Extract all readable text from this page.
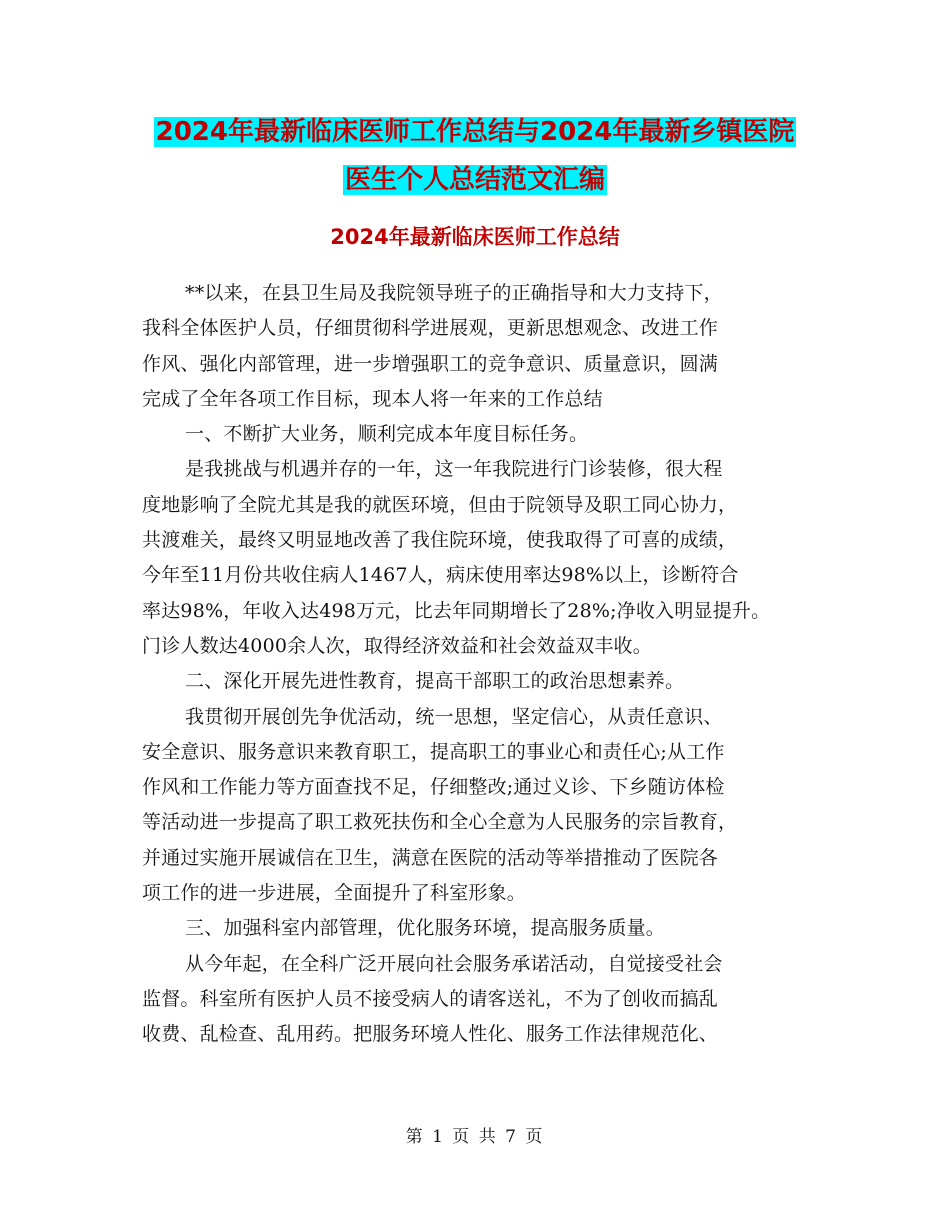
2024年最新临床医师工作总结与2024年最新乡镇医院
医生个人总结范文汇编
2024年最新临床医师工作总结
**以来，在县卫生局及我院领导班子的正确指导和大力支持下，
我科全体医护人员，仔细贯彻科学进展观，更新思想观念、改进工作
作风、强化内部管理，进一步增强职工的竞争意识、质量意识，圆满
完成了全年各项工作目标，现本人将一年来的工作总结
一、不断扩大业务，顺利完成本年度目标任务。
是我挑战与机遇并存的一年，这一年我院进行门诊装修，很大程
度地影响了全院尤其是我的就医环境，但由于院领导及职工同心协力，
共渡难关，最终又明显地改善了我住院环境，使我取得了可喜的成绩，
今年至11月份共收住病人1467人，病床使用率达98%以上，诊断符合
率达98%，年收入达498万元，比去年同期增长了28%;净收入明显提升。
门诊人数达4000余人次，取得经济效益和社会效益双丰收。
二、深化开展先进性教育，提高干部职工的政治思想素养。
我贯彻开展创先争优活动，统一思想，坚定信心，从责任意识、
安全意识、服务意识来教育职工，提高职工的事业心和责任心;从工作
作风和工作能力等方面查找不足，仔细整改;通过义诊、下乡随访体检
等活动进一步提高了职工救死扶伤和全心全意为人民服务的宗旨教育，
并通过实施开展诚信在卫生，满意在医院的活动等举措推动了医院各
项工作的进一步进展，全面提升了科室形象。
三、加强科室内部管理，优化服务环境，提高服务质量。
从今年起，在全科广泛开展向社会服务承诺活动，自觉接受社会
监督。科室所有医护人员不接受病人的请客送礼，不为了创收而搞乱
收费、乱检查、乱用药。把服务环境人性化、服务工作法律规范化、
第 1 页 共 7 页
